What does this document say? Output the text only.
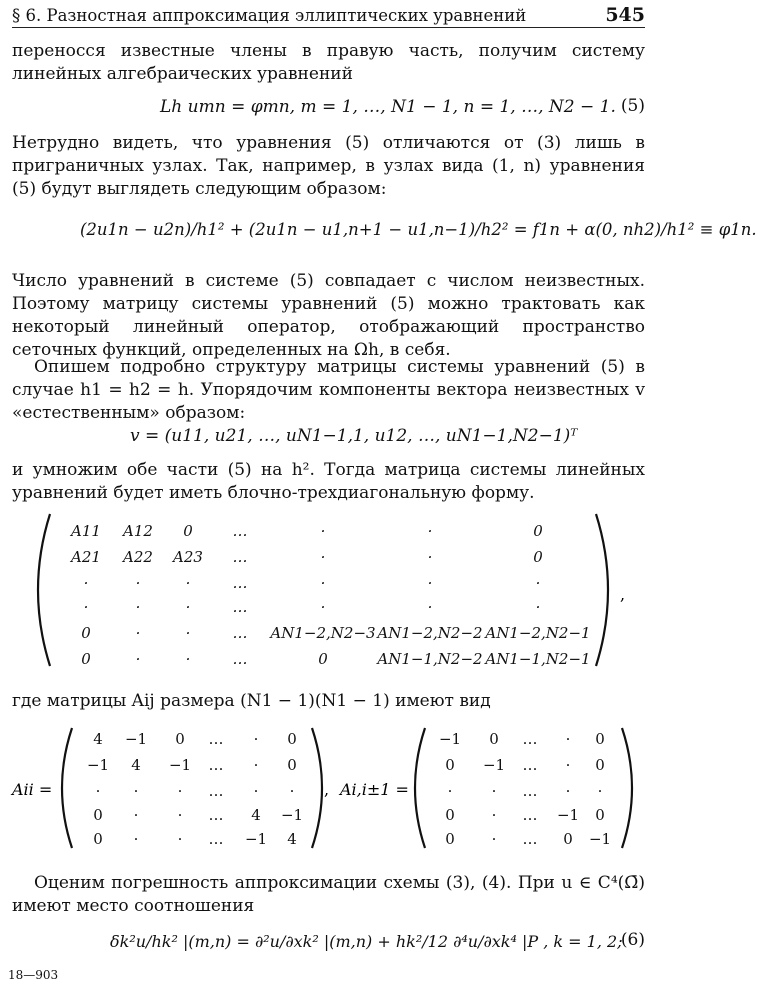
§ 6. Разностная аппроксимация эллиптических уравнений	545

переносся известные члены в правую часть, получим систему линейных алгебраических уравнений

Lh umn = φmn, m = 1, …, N1 − 1, n = 1, …, N2 − 1. (5)

Нетрудно видеть, что уравнения (5) отличаются от (3) лишь в приграничных узлах. Так, например, в узлах вида (1, n) уравнения (5) будут выглядеть следующим образом:

(2u1n − u2n)/h1² + (2u1n − u1,n+1 − u1,n−1)/h2² = f1n + α(0, nh2)/h1² ≡ φ1n.

Число уравнений в системе (5) совпадает с числом неизвестных. Поэтому матрицу системы уравнений (5) можно трактовать как некоторый линейный оператор, отображающий пространство сеточных функций, определенных на Ωh, в себя.

Опишем подробно структуру матрицы системы уравнений (5) в случае h1 = h2 = h. Упорядочим компоненты вектора неизвестных v «естественным» образом:

v = (u11, u21, …, uN1−1,1, u12, …, uN1−1,N2−1)ᵀ

и умножим обе части (5) на h². Тогда матрица системы линейных уравнений будет иметь блочно-трехдиагональную форму.

A11 A12 0	…	·	·	0
A21 A22 A23 …	·	·	0
·	·	·	…	·	·	·
·	·	·	…	·	·	·
0	·	·	… AN1−2,N2−3 AN1−2,N2−2 AN1−2,N2−1
0	·	·	…	0	AN1−1,N2−2 AN1−1,N2−1
,

где матрицы Aij размера (N1 − 1)(N1 − 1) имеют вид

Aii =
4 −1 0 … · 0
−1 4 −1 … · 0
· ·	· … · ·
0 ·	· … 4 −1
0 ·	· … −1 4
, Ai,i±1 =
−1 0 … · 0
0 −1 … · 0
·	· … · ·
0 · … −1 0
0 · … 0 −1

Оценим погрешность аппроксимации схемы (3), (4). При u ∈ C⁴(Ω̄) имеют место соотношения

δk²u/hk² |(m,n) = ∂²u/∂xk² |(m,n) + hk²/12 ∂⁴u/∂xk⁴ |P , k = 1, 2;
(6)
18—903
